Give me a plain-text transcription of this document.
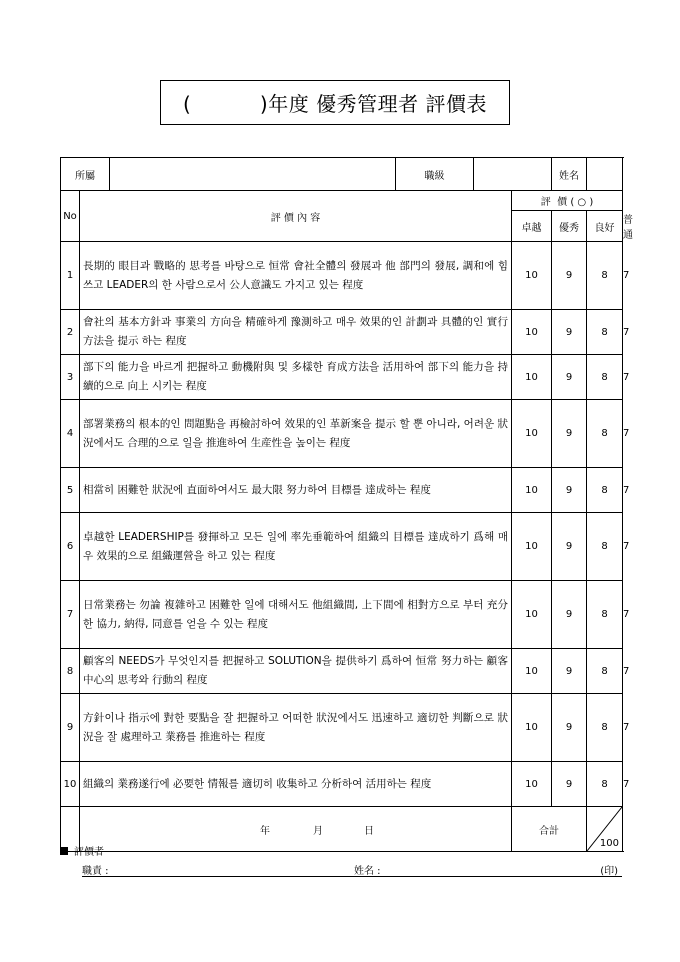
(          )年度 優秀管理者 評價表
所屬			職級			姓名		
No	評 價 內 容				評  價 ( ○ )			
					卓越	優秀	良好	普通
1	長期的 眼目과 戰略的 思考를 바탕으로 恒常 會社全體의 發展과 他 部門의 發展, 調和에 힘쓰고 LEADER의 한 사람으로서 公人意識도 가지고 있는 程度				10	9	8	7
2	會社의 基本方針과 事業의 方向을 精確하게 豫測하고 매우 效果的인 計劃과 具體的인 實行方法을 提示 하는 程度				10	9	8	7
3	部下의 能力을 바르게 把握하고 動機附與 및 多樣한 育成方法을 活用하여 部下의 能力을 持續的으로 向上 시키는 程度				10	9	8	7
4	部署業務의 根本的인 問題點을 再檢討하여 效果的인 革新案을 提示 할 뿐 아니라, 어려운 狀況에서도 合理的으로 일을 推進하여 生産性을 높이는 程度				10	9	8	7
5	相當히 困難한 狀況에 直面하여서도 最大限 努力하여 目標를 達成하는 程度				10	9	8	7
6	卓越한 LEADERSHIP를 發揮하고 모든 일에 率先垂範하여 組織의 目標를 達成하기 爲해 매우 效果的으로 組織運營을 하고 있는 程度				10	9	8	7
7	日常業務는 勿論 複雜하고 困難한 일에 대해서도 他組織間, 上下間에 相對方으로 부터 充分한 協力, 納得, 同意를 얻을 수 있는 程度				10	9	8	7
8	顧客의 NEEDS가 무엇인지를 把握하고 SOLUTION을 提供하기 爲하여 恒常 努力하는 顧客中心의 思考와 行動의 程度				10	9	8	7
9	方針이나 指示에 對한 要點을 잘 把握하고 어떠한 狀況에서도 迅速하고 適切한 判斷으로 狀況을 잘 處理하고 業務를 推進하는 程度				10	9	8	7
10	組織의 業務遂行에 必要한 情報를 適切히 收集하고 分析하여 活用하는 程度				10	9	8	7

	年 月 日				合計		100	
評價者
職責 :	姓名 :	(印)
